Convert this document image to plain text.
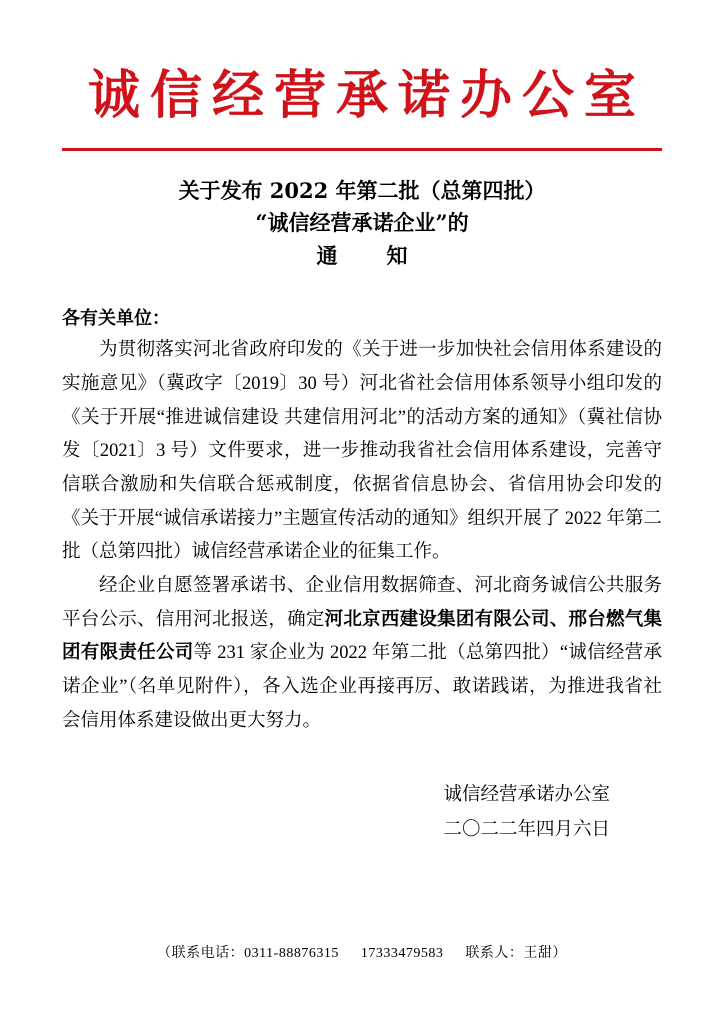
诚信经营承诺办公室
关于发布 2022 年第二批（总第四批）
“诚信经营承诺企业”的
通　知
各有关单位：

为贯彻落实河北省政府印发的《关于进一步加快社会信用体系建设的实施意见》（冀政字〔2019〕30 号）河北省社会信用体系领导小组印发的《关于开展“推进诚信建设 共建信用河北”的活动方案的通知》（冀社信协发〔2021〕3 号）文件要求，进一步推动我省社会信用体系建设，完善守信联合激励和失信联合惩戒制度，依据省信息协会、省信用协会印发的《关于开展“诚信承诺接力”主题宣传活动的通知》组织开展了 2022 年第二批（总第四批）诚信经营承诺企业的征集工作。

经企业自愿签署承诺书、企业信用数据筛查、河北商务诚信公共服务平台公示、信用河北报送，确定河北京西建设集团有限公司、邢台燃气集团有限责任公司等 231 家企业为 2022 年第二批（总第四批）“诚信经营承诺企业”（名单见附件），各入选企业再接再厉、敢诺践诺，为推进我省社会信用体系建设做出更大努力。

诚信经营承诺办公室
二〇二二年四月六日
（联系电话：0311-88876315 17333479583 联系人：王甜）
